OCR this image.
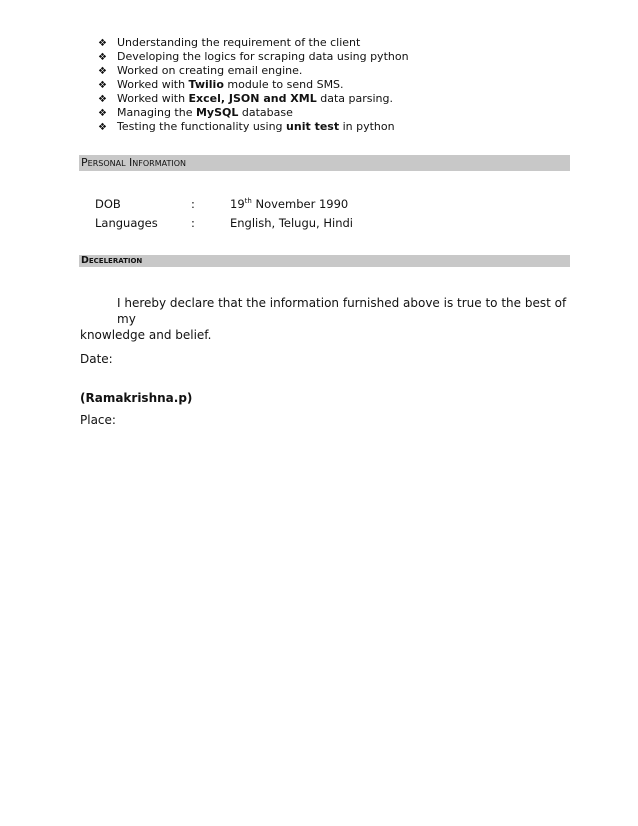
❖ Understanding the requirement of the client
❖ Developing the logics for scraping data using python
❖ Worked on creating email engine.
❖ Worked with Twilio module to send SMS.
❖ Worked with Excel, JSON and XML data parsing.
❖ Managing the MySQL database
❖ Testing the functionality using unit test in python
Personal Information
DOB	:	19th November 1990
Languages	:	English, Telugu, Hindi
Deceleration
I hereby declare that the information furnished above is true to the best of my
knowledge and belief.
Date:
(Ramakrishna.p)
Place:
